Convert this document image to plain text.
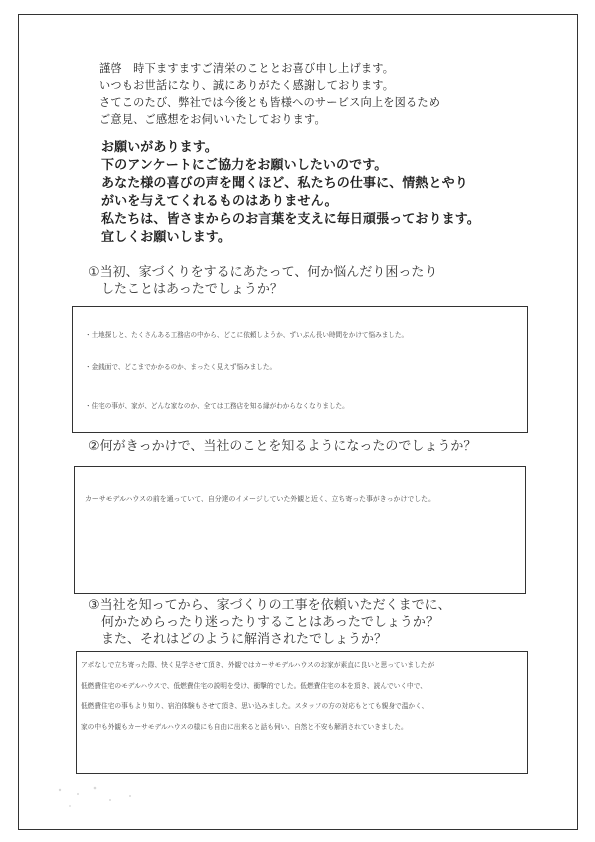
謹啓　時下ますますご清栄のこととお喜び申し上げます。
いつもお世話になり、誠にありがたく感謝しております。
さてこのたび、弊社では今後とも皆様へのサービス向上を図るため
ご意見、ご感想をお伺いいたしております。
お願いがあります。
下のアンケートにご協力をお願いしたいのです。
あなた様の喜びの声を聞くほど、私たちの仕事に、情熱とやり
がいを与えてくれるものはありません。
私たちは、皆さまからのお言葉を支えに毎日頑張っております。
宜しくお願いします。
①当初、家づくりをするにあたって、何か悩んだり困ったり
　したことはあったでしょうか？
・土地探しと、たくさんある工務店の中から、どこに依頼しようか、ずいぶん長い時間をかけて悩みました。
・金銭面で、どこまでかかるのか、まったく見えず悩みました。
・住宅の事が、家が、どんな家なのか、全ては工務店を知る縁がわからなくなりました。
②何がきっかけで、当社のことを知るようになったのでしょうか？
カーサモデルハウスの前を通っていて、自分達のイメージしていた外観と近く、立ち寄った事がきっかけでした。
③当社を知ってから、家づくりの工事を依頼いただくまでに、
　何かためらったり迷ったりすることはあったでしょうか？
　また、それはどのように解消されたでしょうか？
アポなしで立ち寄った際、快く見学させて頂き、外観ではカーサモデルハウスのお家が素直に良いと思っていましたが
低燃費住宅のモデルハウスで、低燃費住宅の説明を受け、衝撃的でした。低燃費住宅の本を頂き、読んでいく中で、
低燃費住宅の事もより知り、宿泊体験もさせて頂き、思い込みました。スタッフの方の対応もとても親身で温かく、
家の中も外観もカーサモデルハウスの様にも自由に出来ると話も伺い、自然と不安も解消されていきました。
